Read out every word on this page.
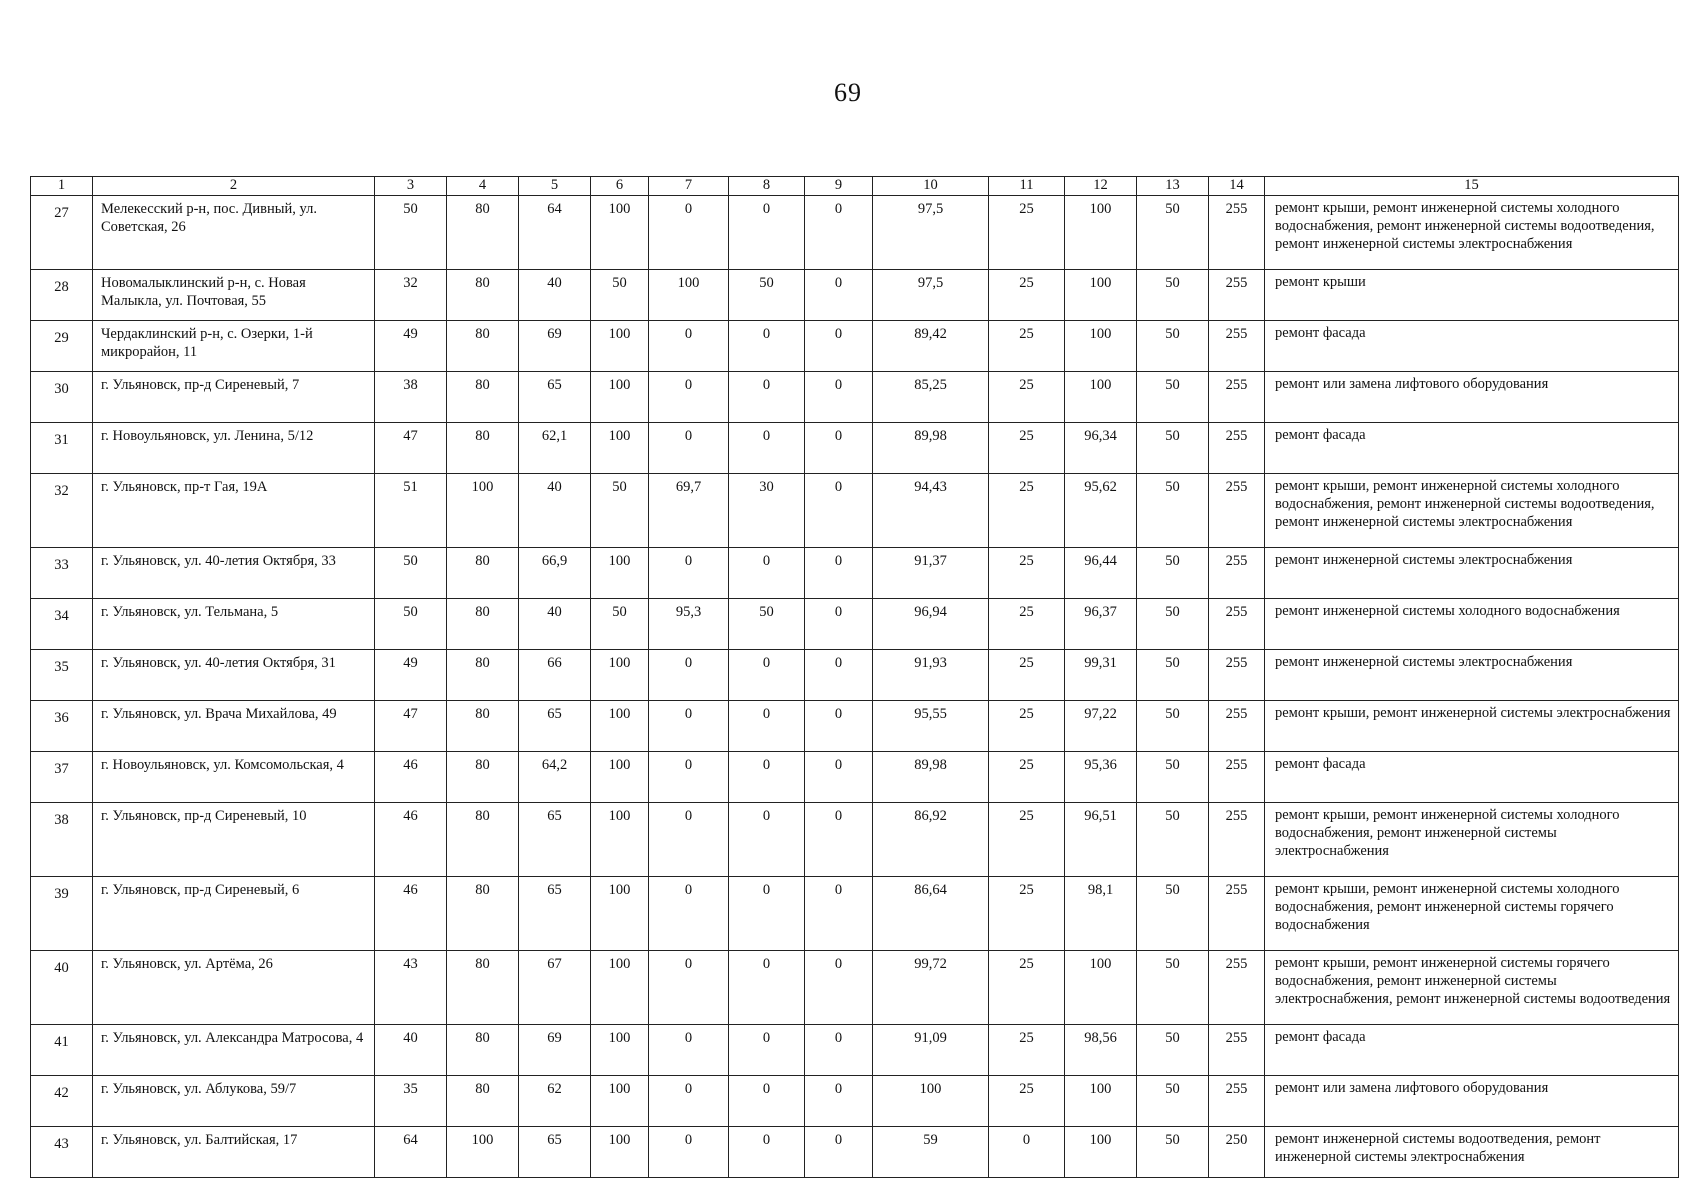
69
1	2	3	4	5	6	7	8	9	10	11	12	13	14	15
27	Мелекесский р-н, пос. Дивный, ул. Советская, 26	50	80	64	100	0	0	0	97,5	25	100	50	255	ремонт крыши, ремонт инженерной системы холодного водоснабжения, ремонт инженерной системы водоотведения, ремонт инженерной системы электроснабжения
28	Новомалыклинский р-н, с. Новая Малыкла, ул. Почтовая, 55	32	80	40	50	100	50	0	97,5	25	100	50	255	ремонт крыши
29	Чердаклинский р-н, с. Озерки, 1-й микрорайон, 11	49	80	69	100	0	0	0	89,42	25	100	50	255	ремонт фасада
30	г. Ульяновск, пр-д Сиреневый, 7	38	80	65	100	0	0	0	85,25	25	100	50	255	ремонт или замена лифтового оборудования
31	г. Новоульяновск, ул. Ленина, 5/12	47	80	62,1	100	0	0	0	89,98	25	96,34	50	255	ремонт фасада
32	г. Ульяновск, пр-т Гая, 19А	51	100	40	50	69,7	30	0	94,43	25	95,62	50	255	ремонт крыши, ремонт инженерной системы холодного водоснабжения, ремонт инженерной системы водоотведения, ремонт инженерной системы электроснабжения
33	г. Ульяновск, ул. 40-летия Октября, 33	50	80	66,9	100	0	0	0	91,37	25	96,44	50	255	ремонт инженерной системы электроснабжения
34	г. Ульяновск, ул. Тельмана, 5	50	80	40	50	95,3	50	0	96,94	25	96,37	50	255	ремонт инженерной системы холодного водоснабжения
35	г. Ульяновск, ул. 40-летия Октября, 31	49	80	66	100	0	0	0	91,93	25	99,31	50	255	ремонт инженерной системы электроснабжения
36	г. Ульяновск, ул. Врача Михайлова, 49	47	80	65	100	0	0	0	95,55	25	97,22	50	255	ремонт крыши, ремонт инженерной системы электроснабжения
37	г. Новоульяновск, ул. Комсомольская, 4	46	80	64,2	100	0	0	0	89,98	25	95,36	50	255	ремонт фасада
38	г. Ульяновск, пр-д Сиреневый, 10	46	80	65	100	0	0	0	86,92	25	96,51	50	255	ремонт крыши, ремонт инженерной системы холодного водоснабжения, ремонт инженерной системы электроснабжения
39	г. Ульяновск, пр-д Сиреневый, 6	46	80	65	100	0	0	0	86,64	25	98,1	50	255	ремонт крыши, ремонт инженерной системы холодного водоснабжения, ремонт инженерной системы горячего водоснабжения
40	г. Ульяновск, ул. Артёма, 26	43	80	67	100	0	0	0	99,72	25	100	50	255	ремонт крыши, ремонт инженерной системы горячего водоснабжения, ремонт инженерной системы электроснабжения, ремонт инженерной системы водоотведения
41	г. Ульяновск, ул. Александра Матросова, 4	40	80	69	100	0	0	0	91,09	25	98,56	50	255	ремонт фасада
42	г. Ульяновск, ул. Аблукова, 59/7	35	80	62	100	0	0	0	100	25	100	50	255	ремонт или замена лифтового оборудования
43	г. Ульяновск, ул. Балтийская, 17	64	100	65	100	0	0	0	59	0	100	50	250	ремонт инженерной системы водоотведения, ремонт инженерной системы электроснабжения
